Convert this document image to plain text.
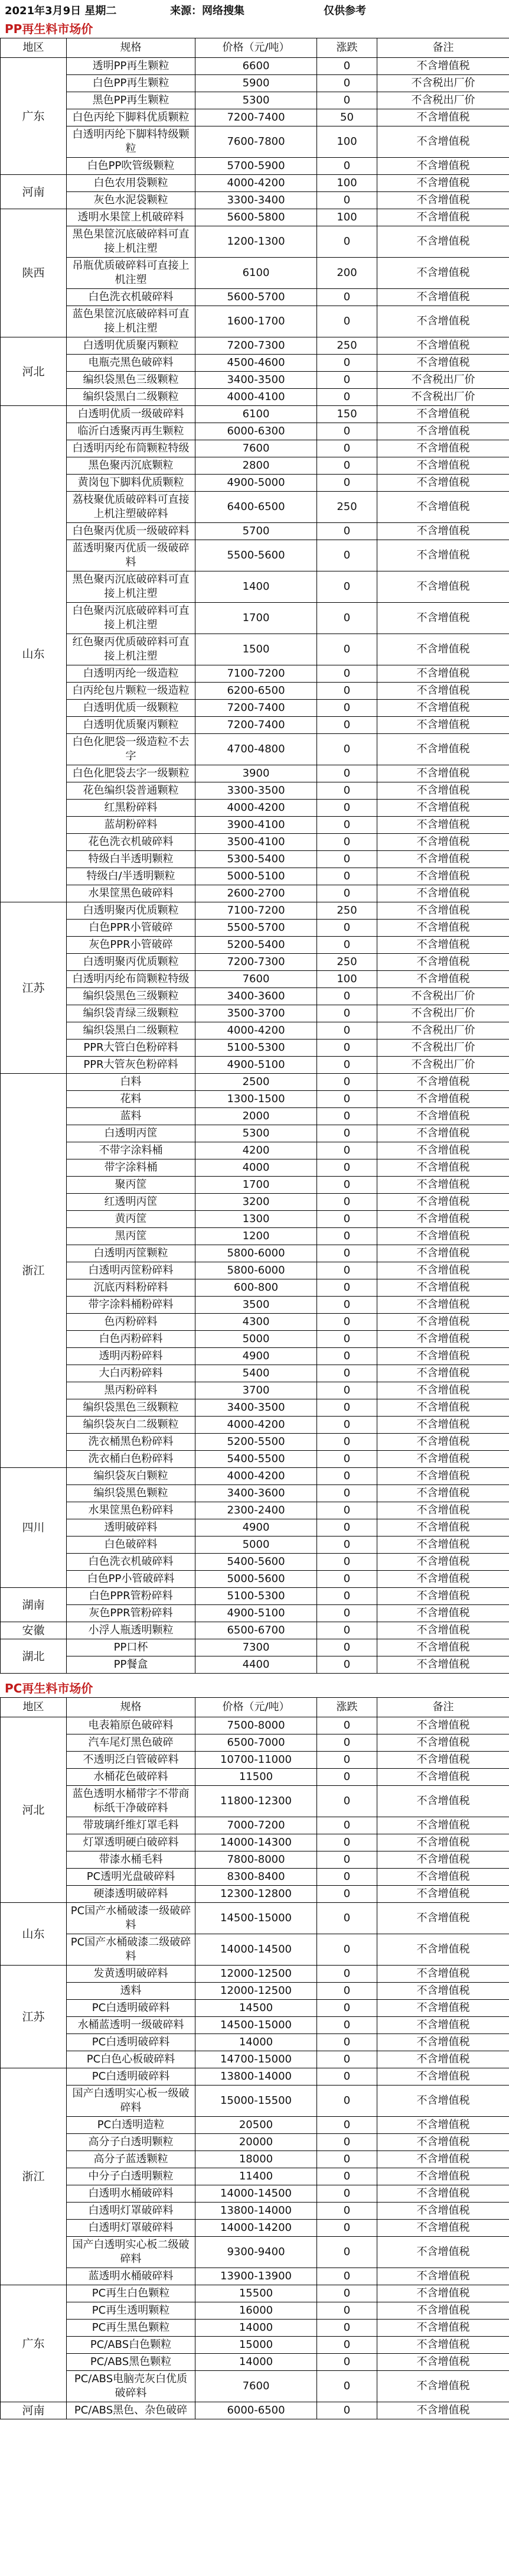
2021年3月9日 星期二	来源：网络搜集	仅供参考
PP再生料市场价
地区	规格	价格（元/吨）	涨跌	备注
广东	透明PP再生颗粒	6600	0	不含增值税
	白色PP再生颗粒	5900	0	不含税出厂价
	黑色PP再生颗粒	5300	0	不含税出厂价
	白色丙纶下脚料优质颗粒	7200-7400	50	不含增值税
	白透明丙纶下脚料特级颗粒	7600-7800	100	不含增值税
	白色PP吹管级颗粒	5700-5900	0	不含增值税
河南	白色农用袋颗粒	4000-4200	100	不含增值税
	灰色水泥袋颗粒	3300-3400	0	不含增值税
陕西	透明水果筐上机破碎料	5600-5800	100	不含增值税
	黑色果筐沉底破碎料可直接上机注塑	1200-1300	0	不含增值税
	吊瓶优质破碎料可直接上机注塑	6100	200	不含增值税
	白色洗衣机破碎料	5600-5700	0	不含增值税
	蓝色果筐沉底破碎料可直接上机注塑	1600-1700	0	不含增值税
河北	白透明优质聚丙颗粒	7200-7300	250	不含增值税
	电瓶壳黑色破碎料	4500-4600	0	不含增值税
	编织袋黑色三级颗粒	3400-3500	0	不含税出厂价
	编织袋黑白二级颗粒	4000-4100	0	不含税出厂价
山东	白透明优质一级破碎料	6100	150	不含增值税
	临沂白透聚丙再生颗粒	6000-6300	0	不含增值税
	白透明丙纶布筒颗粒特级	7600	0	不含增值税
	黑色聚丙沉底颗粒	2800	0	不含增值税
	黄岗包下脚料优质颗粒	4900-5000	0	不含增值税
	荔枝聚优质破碎料可直接上机注塑破碎料	6400-6500	250	不含增值税
	白色聚丙优质一级破碎料	5700	0	不含增值税
	蓝透明聚丙优质一级破碎料	5500-5600	0	不含增值税
	黑色聚丙沉底破碎料可直接上机注塑	1400	0	不含增值税
	白色聚丙沉底破碎料可直接上机注塑	1700	0	不含增值税
	红色聚丙优质破碎料可直接上机注塑	1500	0	不含增值税
	白透明丙纶一级造粒	7100-7200	0	不含增值税
	白丙纶包片颗粒一级造粒	6200-6500	0	不含增值税
	白透明优质一级颗粒	7200-7400	0	不含增值税
	白透明优质聚丙颗粒	7200-7400	0	不含增值税
	白色化肥袋一级造粒不去字	4700-4800	0	不含增值税
	白色化肥袋去字一级颗粒	3900	0	不含增值税
	花色编织袋普通颗粒	3300-3500	0	不含增值税
	红黑粉碎料	4000-4200	0	不含增值税
	蓝胡粉碎料	3900-4100	0	不含增值税
	花色洗衣机破碎料	3500-4100	0	不含增值税
	特级白半透明颗粒	5300-5400	0	不含增值税
	特级白/半透明颗粒	5000-5100	0	不含增值税
	水果筐黑色破碎料	2600-2700	0	不含增值税
江苏	白透明聚丙优质颗粒	7100-7200	250	不含增值税
	白色PPR小管破碎	5500-5700	0	不含增值税
	灰色PPR小管破碎	5200-5400	0	不含增值税
	白透明聚丙优质颗粒	7200-7300	250	不含增值税
	白透明丙纶布筒颗粒特级	7600	100	不含增值税
	编织袋黑色三级颗粒	3400-3600	0	不含税出厂价
	编织袋青绿三级颗粒	3500-3700	0	不含税出厂价
	编织袋黑白二级颗粒	4000-4200	0	不含税出厂价
	PPR大管白色粉碎料	5100-5300	0	不含税出厂价
	PPR大管灰色粉碎料	4900-5100	0	不含税出厂价
浙江	白料	2500	0	不含增值税
	花料	1300-1500	0	不含增值税
	蓝料	2000	0	不含增值税
	白透明丙筐	5300	0	不含增值税
	不带字涂料桶	4200	0	不含增值税
	带字涂料桶	4000	0	不含增值税
	聚丙筐	1700	0	不含增值税
	红透明丙筐	3200	0	不含增值税
	黄丙筐	1300	0	不含增值税
	黑丙筐	1200	0	不含增值税
	白透明丙筐颗粒	5800-6000	0	不含增值税
	白透明丙筐粉碎料	5800-6000	0	不含增值税
	沉底丙料粉碎料	600-800	0	不含增值税
	带字涂料桶粉碎料	3500	0	不含增值税
	色丙粉碎料	4300	0	不含增值税
	白色丙粉碎料	5000	0	不含增值税
	透明丙粉碎料	4900	0	不含增值税
	大白丙粉碎料	5400	0	不含增值税
	黑丙粉碎料	3700	0	不含增值税
	编织袋黑色三级颗粒	3400-3500	0	不含增值税
	编织袋灰白二级颗粒	4000-4200	0	不含增值税
	洗衣桶黑色粉碎料	5200-5500	0	不含增值税
	洗衣桶白色粉碎料	5400-5500	0	不含增值税
四川	编织袋灰白颗粒	4000-4200	0	不含增值税
	编织袋黑色颗粒	3400-3600	0	不含增值税
	水果筐黑色粉碎料	2300-2400	0	不含增值税
	透明破碎料	4900	0	不含增值税
	白色破碎料	5000	0	不含增值税
	白色洗衣机破碎料	5400-5600	0	不含增值税
	白色PP小管破碎料	5000-5600	0	不含增值税
湖南	白色PPR管粉碎料	5100-5300	0	不含增值税
	灰色PPR管粉碎料	4900-5100	0	不含增值税
安徽	小浮人瓶透明颗粒	6500-6700	0	不含增值税
湖北	PP口杯	7300	0	不含增值税
	PP餐盒	4400	0	不含增值税
PC再生料市场价
地区	规格	价格（元/吨）	涨跌	备注
河北	电表箱原色破碎料	7500-8000	0	不含增值税
	汽车尾灯黑色破碎	6500-7000	0	不含增值税
	不透明泛白管破碎料	10700-11000	0	不含增值税
	水桶花色破碎料	11500	0	不含增值税
	蓝色透明水桶带字不带商标纸干净破碎料	11800-12300	0	不含增值税
	带玻璃纤维灯罩毛料	7000-7200	0	不含增值税
	灯罩透明硬白破碎料	14000-14300	0	不含增值税
	带漆水桶毛料	7800-8000	0	不含增值税
	PC透明光盘破碎料	8300-8400	0	不含增值税
	硬漆透明破碎料	12300-12800	0	不含增值税
山东	PC国产水桶破漆一级破碎料	14500-15000	0	不含增值税
	PC国产水桶破漆二级破碎料	14000-14500	0	不含增值税
江苏	发黄透明破碎料	12000-12500	0	不含增值税
	透料	12000-12500	0	不含增值税
	PC白透明破碎料	14500	0	不含增值税
	水桶蓝透明一级破碎料	14500-15000	0	不含增值税
	PC白透明破碎料	14000	0	不含增值税
	PC白色心板破碎料	14700-15000	0	不含增值税
浙江	PC白透明破碎料	13800-14000	0	不含增值税
	国产白透明实心板一级破碎料	15000-15500	0	不含增值税
	PC白透明造粒	20500	0	不含增值税
	高分子白透明颗粒	20000	0	不含增值税
	高分子蓝透颗粒	18000	0	不含增值税
	中分子白透明颗粒	11400	0	不含增值税
	白透明水桶破碎料	14000-14500	0	不含增值税
	白透明灯罩破碎料	13800-14000	0	不含增值税
	白透明灯罩破碎料	14000-14200	0	不含增值税
	国产白透明实心板二级破碎料	9300-9400	0	不含增值税
	蓝透明水桶破碎料	13900-13900	0	不含增值税
广东	PC再生白色颗粒	15500	0	不含增值税
	PC再生透明颗粒	16000	0	不含增值税
	PC再生黑色颗粒	14000	0	不含增值税
	PC/ABS白色颗粒	15000	0	不含增值税
	PC/ABS黑色颗粒	14000	0	不含增值税
	PC/ABS电脑壳灰白优质破碎料	7600	0	不含增值税
河南	PC/ABS黑色、杂色破碎	6000-6500	0	不含增值税
